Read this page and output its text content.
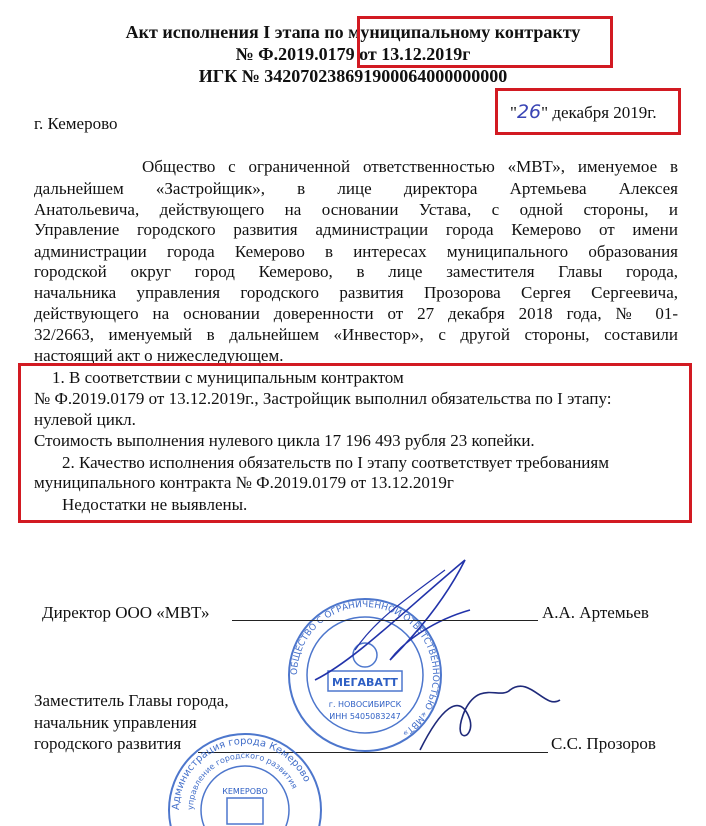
Акт исполнения I этапа по муниципальному контракту
№ Ф.2019.0179 от 13.12.2019г
ИГК № 342070238691900064000000000
г. Кемерово
"26" декабря 2019г.
Общество с ограниченной ответственностью «МВТ», именуемое в
дальнейшем «Застройщик», в лице директора Артемьева Алексея
Анатольевича, действующего на основании Устава, с одной стороны, и
Управление городского развития администрации города Кемерово от имени
администрации города Кемерово в интересах муниципального образования
городской округ город Кемерово, в лице заместителя Главы города,
начальника управления городского развития Прозорова Сергея Сергеевича,
действующего на основании доверенности от 27 декабря 2018 года, № 01-
32/2663, именуемый в дальнейшем «Инвестор», с другой стороны, составили
настоящий акт о нижеследующем.
1. В соответствии с муниципальным контрактом
№ Ф.2019.0179 от 13.12.2019г., Застройщик выполнил обязательства по I этапу:
нулевой цикл.
Стоимость выполнения нулевого цикла 17 196 493 рубля 23 копейки.
2. Качество исполнения обязательств по I этапу соответствует требованиям
муниципального контракта № Ф.2019.0179 от 13.12.2019г
Недостатки не выявлены.
ОБЩЕСТВО С ОГРАНИЧЕННОЙ ОТВЕТСТВЕННОСТЬЮ «МВТ»
МЕГАВАТТ
г. НОВОСИБИРСК
ИНН 5405083247
Директор ООО «МВТ»	А.А. Артемьев
Заместитель Главы города,
начальник управления
городского развития	С.С. Прозоров
Администрация города Кемерово
управление городского развития
КЕМЕРОВО
